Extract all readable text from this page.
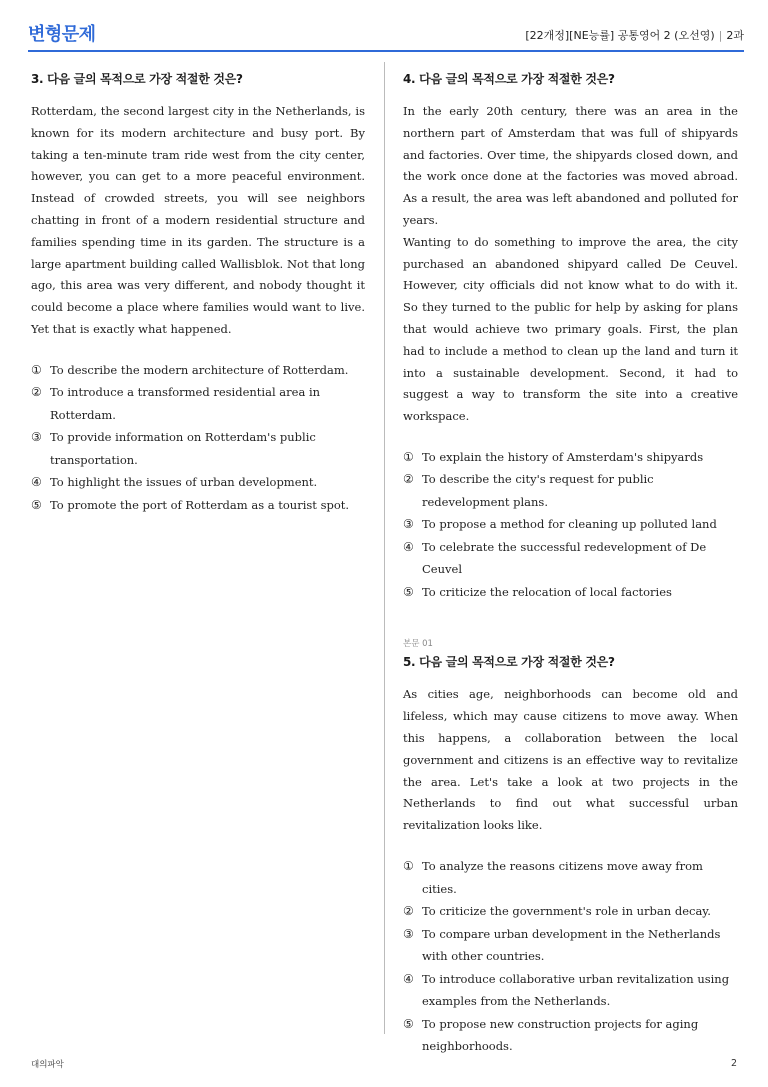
변형문제	[22개정][NE능률] 공통영어 2 (오선영) | 2과
3. 다음 글의 목적으로 가장 적절한 것은?

Rotterdam, the second largest city in the Netherlands, is known for its modern architecture and busy port. By taking a ten-minute tram ride west from the city center, however, you can get to a more peaceful environment. Instead of crowded streets, you will see neighbors chatting in front of a modern residential structure and families spending time in its garden. The structure is a large apartment building called Wallisblok. Not that long ago, this area was very different, and nobody thought it could become a place where families would want to live. Yet that is exactly what happened.

① To describe the modern architecture of Rotterdam.
② To introduce a transformed residential area in Rotterdam.
③ To provide information on Rotterdam's public transportation.
④ To highlight the issues of urban development.
⑤ To promote the port of Rotterdam as a tourist spot.
4. 다음 글의 목적으로 가장 적절한 것은?

In the early 20th century, there was an area in the northern part of Amsterdam that was full of shipyards and factories. Over time, the shipyards closed down, and the work once done at the factories was moved abroad. As a result, the area was left abandoned and polluted for years.

Wanting to do something to improve the area, the city purchased an abandoned shipyard called De Ceuvel. However, city officials did not know what to do with it. So they turned to the public for help by asking for plans that would achieve two primary goals. First, the plan had to include a method to clean up the land and turn it into a sustainable development. Second, it had to suggest a way to transform the site into a creative workspace.

① To explain the history of Amsterdam's shipyards
② To describe the city's request for public redevelopment plans.
③ To propose a method for cleaning up polluted land
④ To celebrate the successful redevelopment of De Ceuvel
⑤ To criticize the relocation of local factories
본문 01
5. 다음 글의 목적으로 가장 적절한 것은?

As cities age, neighborhoods can become old and lifeless, which may cause citizens to move away. When this happens, a collaboration between the local government and citizens is an effective way to revitalize the area. Let's take a look at two projects in the Netherlands to find out what successful urban revitalization looks like.

① To analyze the reasons citizens move away from cities.
② To criticize the government's role in urban decay.
③ To compare urban development in the Netherlands with other countries.
④ To introduce collaborative urban revitalization using examples from the Netherlands.
⑤ To propose new construction projects for aging neighborhoods.
대의파악	2
